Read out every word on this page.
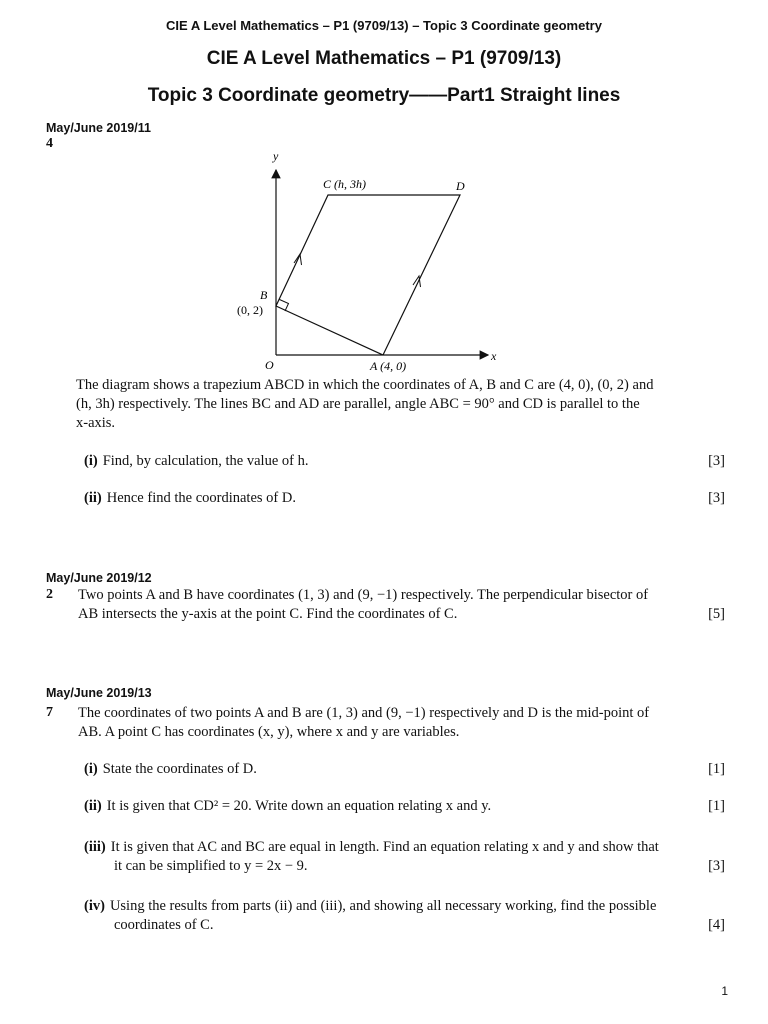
CIE A Level Mathematics – P1 (9709/13) – Topic 3 Coordinate geometry
CIE A Level Mathematics – P1 (9709/13)
Topic 3 Coordinate geometry——Part1 Straight lines
May/June 2019/11
4
y
x
O
C (h, 3h)	D
B
(0, 2)
A (4, 0)
The diagram shows a trapezium ABCD in which the coordinates of A, B and C are (4, 0), (0, 2) and
(h, 3h) respectively. The lines BC and AD are parallel, angle ABC = 90° and CD is parallel to the
x-axis.
(i) Find, by calculation, the value of h.	[3]
(ii) Hence find the coordinates of D.	[3]
May/June 2019/12
2 Two points A and B have coordinates (1, 3) and (9, −1) respectively. The perpendicular bisector of
AB intersects the y-axis at the point C. Find the coordinates of C.	[5]
May/June 2019/13
7 The coordinates of two points A and B are (1, 3) and (9, −1) respectively and D is the mid-point of
AB. A point C has coordinates (x, y), where x and y are variables.
(i) State the coordinates of D.	[1]
(ii) It is given that CD² = 20. Write down an equation relating x and y.	[1]
(iii) It is given that AC and BC are equal in length. Find an equation relating x and y and show that
it can be simplified to y = 2x − 9.	[3]
(iv) Using the results from parts (ii) and (iii), and showing all necessary working, find the possible
coordinates of C.	[4]
1
